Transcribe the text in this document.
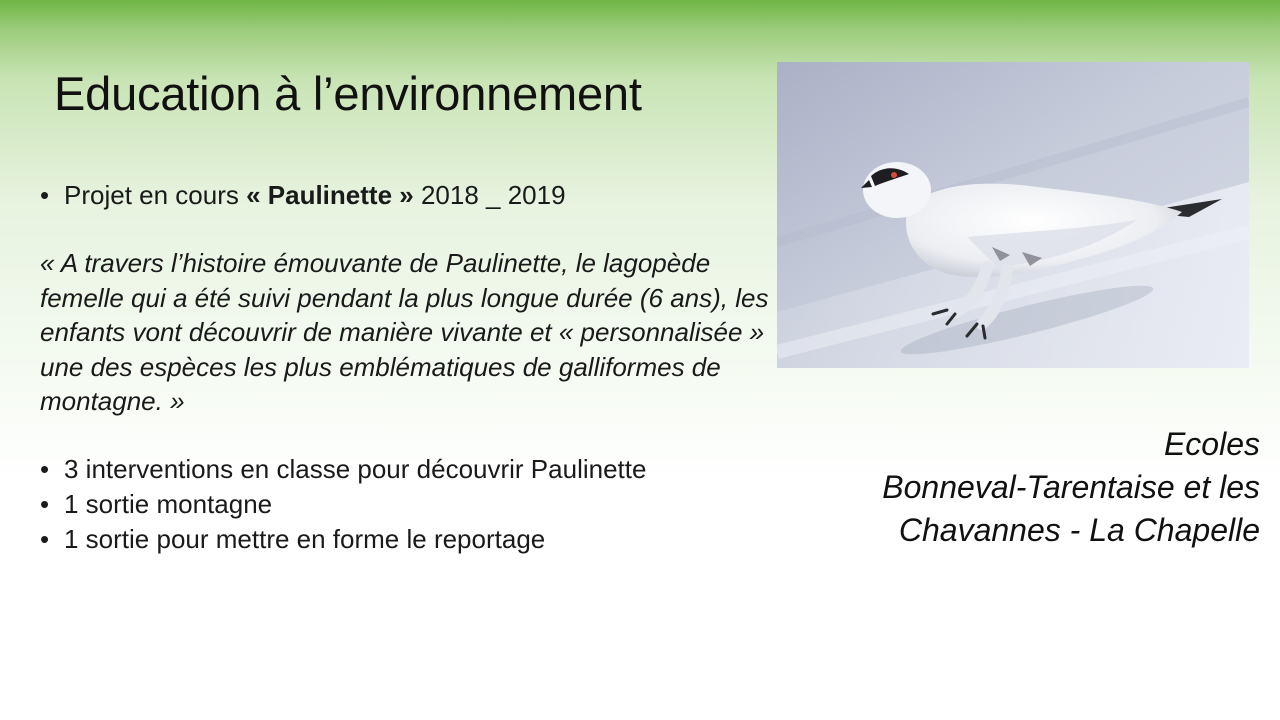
Education à l’environnement

• Projet en cours « Paulinette » 2018 _ 2019

« A travers l’histoire émouvante de Paulinette, le lagopède femelle qui a été suivi pendant la plus longue durée (6 ans), les enfants vont découvrir de manière vivante et « personnalisée » une des espèces les plus emblématiques de galliformes de montagne. »

• 3 interventions en classe pour découvrir Paulinette

• 1 sortie montagne

• 1 sortie pour mettre en forme le reportage

Ecoles
Bonneval-Tarentaise et les
Chavannes - La Chapelle
